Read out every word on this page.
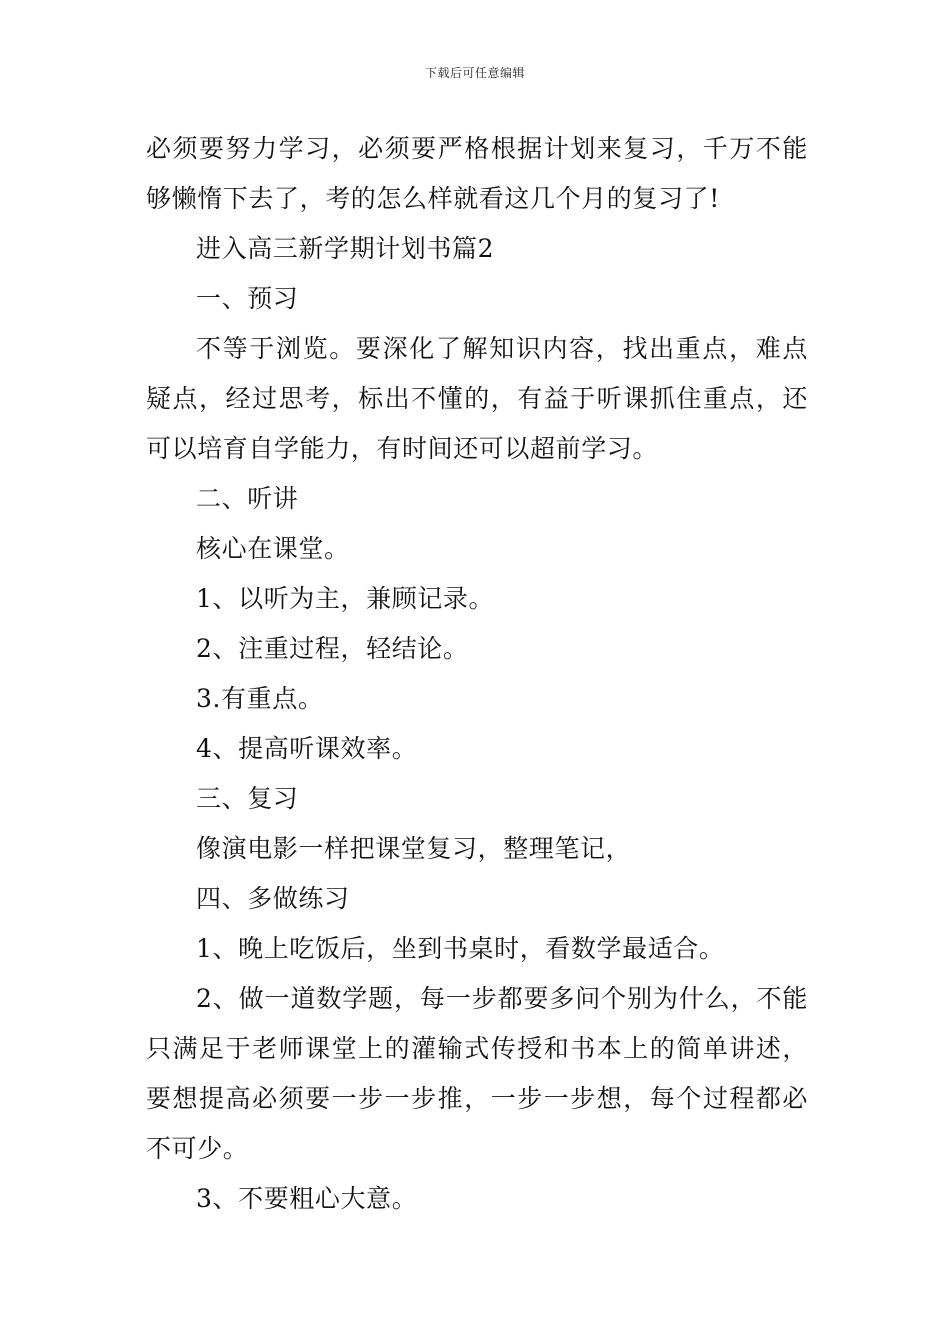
下载后可任意编辑

必须要努力学习，必须要严格根据计划来复习，千万不能够懒惰下去了，考的怎么样就看这几个月的复习了!

进入高三新学期计划书篇2

一、预习

不等于浏览。要深化了解知识内容，找出重点，难点疑点，经过思考，标出不懂的，有益于听课抓住重点，还可以培育自学能力，有时间还可以超前学习。

二、听讲

核心在课堂。

1、以听为主，兼顾记录。

2、注重过程，轻结论。

3.有重点。

4、提高听课效率。

三、复习

像演电影一样把课堂复习，整理笔记，

四、多做练习

1、晚上吃饭后，坐到书桌时，看数学最适合。

2、做一道数学题，每一步都要多问个别为什么，不能只满足于老师课堂上的灌输式传授和书本上的简单讲述，要想提高必须要一步一步推，一步一步想，每个过程都必不可少。

3、不要粗心大意。
